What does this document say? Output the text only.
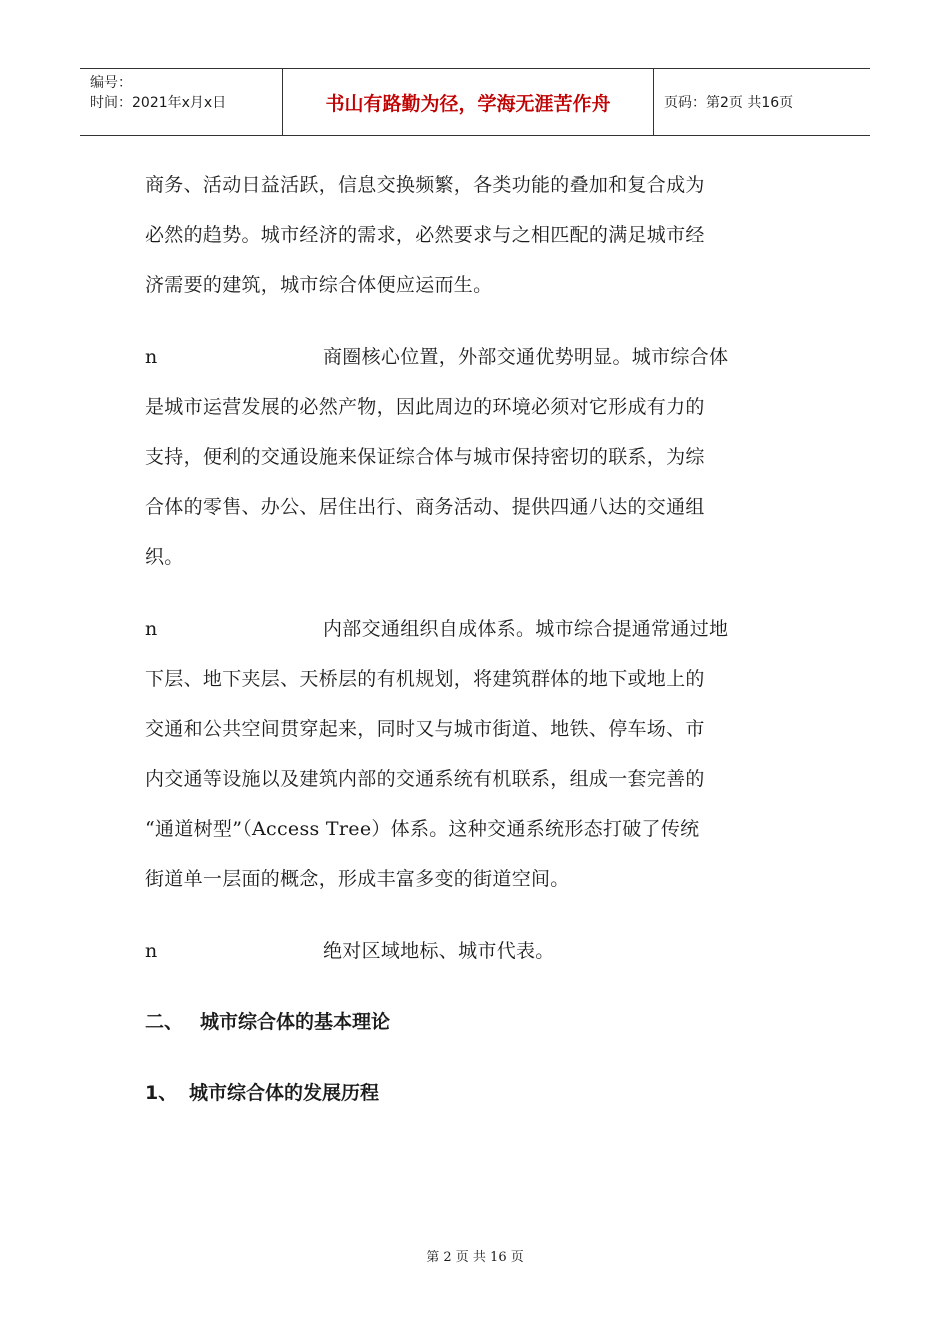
编号：
时间：2021年x月x日	书山有路勤为径，学海无涯苦作舟	页码：第2页 共16页

商务、活动日益活跃，信息交换频繁，各类功能的叠加和复合成为

必然的趋势。城市经济的需求，必然要求与之相匹配的满足城市经

济需要的建筑，城市综合体便应运而生。

n	商圈核心位置，外部交通优势明显。城市综合体

是城市运营发展的必然产物，因此周边的环境必须对它形成有力的

支持，便利的交通设施来保证综合体与城市保持密切的联系，为综

合体的零售、办公、居住出行、商务活动、提供四通八达的交通组

织。

n	内部交通组织自成体系。城市综合提通常通过地

下层、地下夹层、天桥层的有机规划，将建筑群体的地下或地上的

交通和公共空间贯穿起来，同时又与城市街道、地铁、停车场、市

内交通等设施以及建筑内部的交通系统有机联系，组成一套完善的

“通道树型”（Access Tree）体系。这种交通系统形态打破了传统

街道单一层面的概念，形成丰富多变的街道空间。

n	绝对区域地标、城市代表。

二、 城市综合体的基本理论
1、 城市综合体的发展历程
第 2 页 共 16 页
